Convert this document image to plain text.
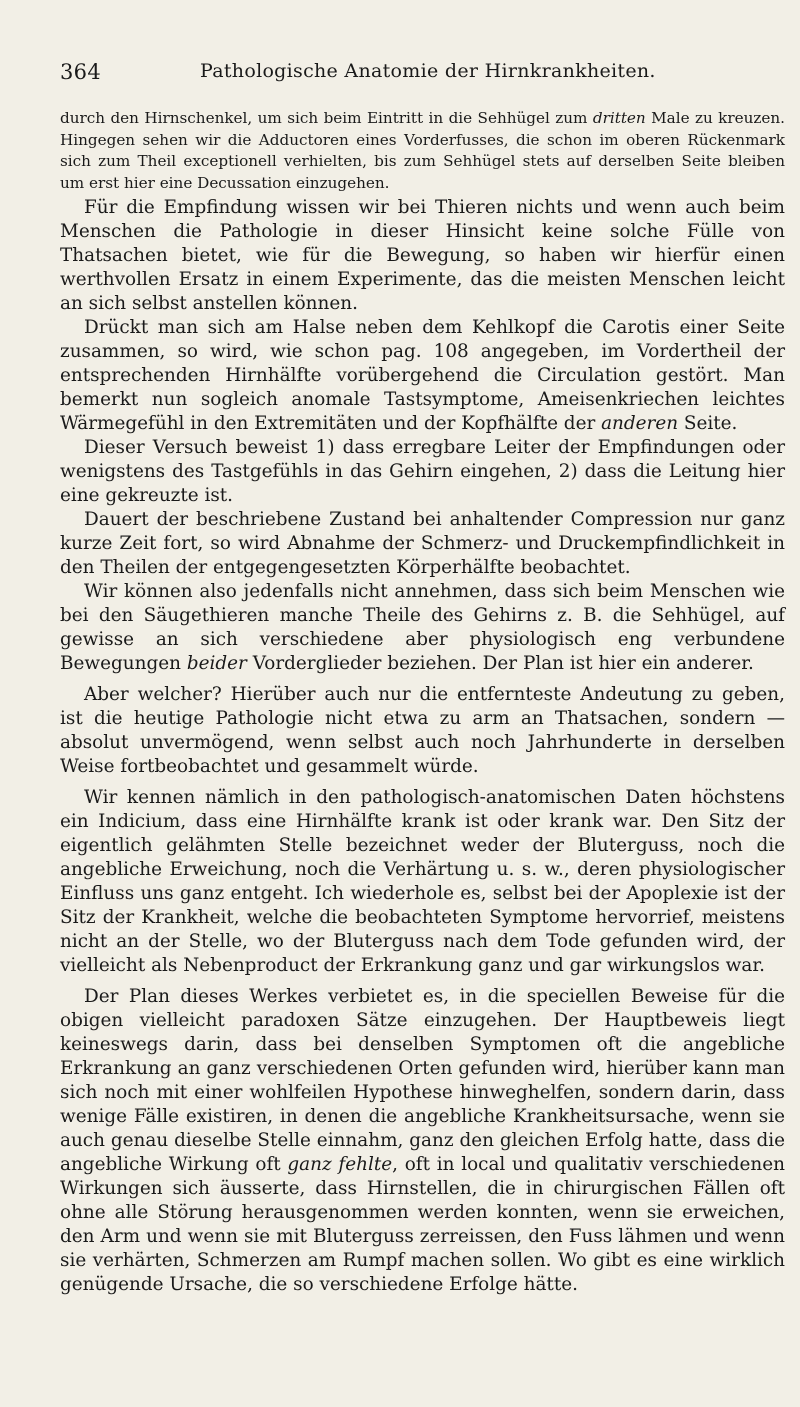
364	Pathologische Anatomie der Hirnkrankheiten.

durch den Hirnschenkel, um sich beim Eintritt in die Sehhügel zum dritten Male zu kreuzen. Hingegen sehen wir die Adductoren eines Vorderfusses, die schon im oberen Rückenmark sich zum Theil exceptionell verhielten, bis zum Sehhügel stets auf derselben Seite bleiben um erst hier eine Decussation einzugehen.

Für die Empfindung wissen wir bei Thieren nichts und wenn auch beim Menschen die Pathologie in dieser Hinsicht keine solche Fülle von Thatsachen bietet, wie für die Bewegung, so haben wir hierfür einen werthvollen Ersatz in einem Experimente, das die meisten Menschen leicht an sich selbst anstellen können.

Drückt man sich am Halse neben dem Kehlkopf die Carotis einer Seite zusammen, so wird, wie schon pag. 108 angegeben, im Vordertheil der entsprechenden Hirnhälfte vorübergehend die Circulation gestört. Man bemerkt nun sogleich anomale Tastsymptome, Ameisenkriechen leichtes Wärmegefühl in den Extremitäten und der Kopfhälfte der anderen Seite.

Dieser Versuch beweist 1) dass erregbare Leiter der Empfindungen oder wenigstens des Tastgefühls in das Gehirn eingehen, 2) dass die Leitung hier eine gekreuzte ist.

Dauert der beschriebene Zustand bei anhaltender Compression nur ganz kurze Zeit fort, so wird Abnahme der Schmerz- und Druckempfindlichkeit in den Theilen der entgegengesetzten Körperhälfte beobachtet.

Wir können also jedenfalls nicht annehmen, dass sich beim Menschen wie bei den Säugethieren manche Theile des Gehirns z. B. die Sehhügel, auf gewisse an sich verschiedene aber physiologisch eng verbundene Bewegungen beider Vorderglieder beziehen. Der Plan ist hier ein anderer.

Aber welcher? Hierüber auch nur die entfernteste Andeutung zu geben, ist die heutige Pathologie nicht etwa zu arm an Thatsachen, sondern — absolut unvermögend, wenn selbst auch noch Jahrhunderte in derselben Weise fortbeobachtet und gesammelt würde.

Wir kennen nämlich in den pathologisch-anatomischen Daten höchstens ein Indicium, dass eine Hirnhälfte krank ist oder krank war. Den Sitz der eigentlich gelähmten Stelle bezeichnet weder der Bluterguss, noch die angebliche Erweichung, noch die Verhärtung u. s. w., deren physiologischer Einfluss uns ganz entgeht. Ich wiederhole es, selbst bei der Apoplexie ist der Sitz der Krankheit, welche die beobachteten Symptome hervorrief, meistens nicht an der Stelle, wo der Bluterguss nach dem Tode gefunden wird, der vielleicht als Nebenproduct der Erkrankung ganz und gar wirkungslos war.

Der Plan dieses Werkes verbietet es, in die speciellen Beweise für die obigen vielleicht paradoxen Sätze einzugehen. Der Hauptbeweis liegt keineswegs darin, dass bei denselben Symptomen oft die angebliche Erkrankung an ganz verschiedenen Orten gefunden wird, hierüber kann man sich noch mit einer wohlfeilen Hypothese hinweghelfen, sondern darin, dass wenige Fälle existiren, in denen die angebliche Krankheitsursache, wenn sie auch genau dieselbe Stelle einnahm, ganz den gleichen Erfolg hatte, dass die angebliche Wirkung oft ganz fehlte, oft in local und qualitativ verschiedenen Wirkungen sich äusserte, dass Hirnstellen, die in chirurgischen Fällen oft ohne alle Störung herausgenommen werden konnten, wenn sie erweichen, den Arm und wenn sie mit Bluterguss zerreissen, den Fuss lähmen und wenn sie verhärten, Schmerzen am Rumpf machen sollen. Wo gibt es eine wirklich genügende Ursache, die so verschiedene Erfolge hätte.
